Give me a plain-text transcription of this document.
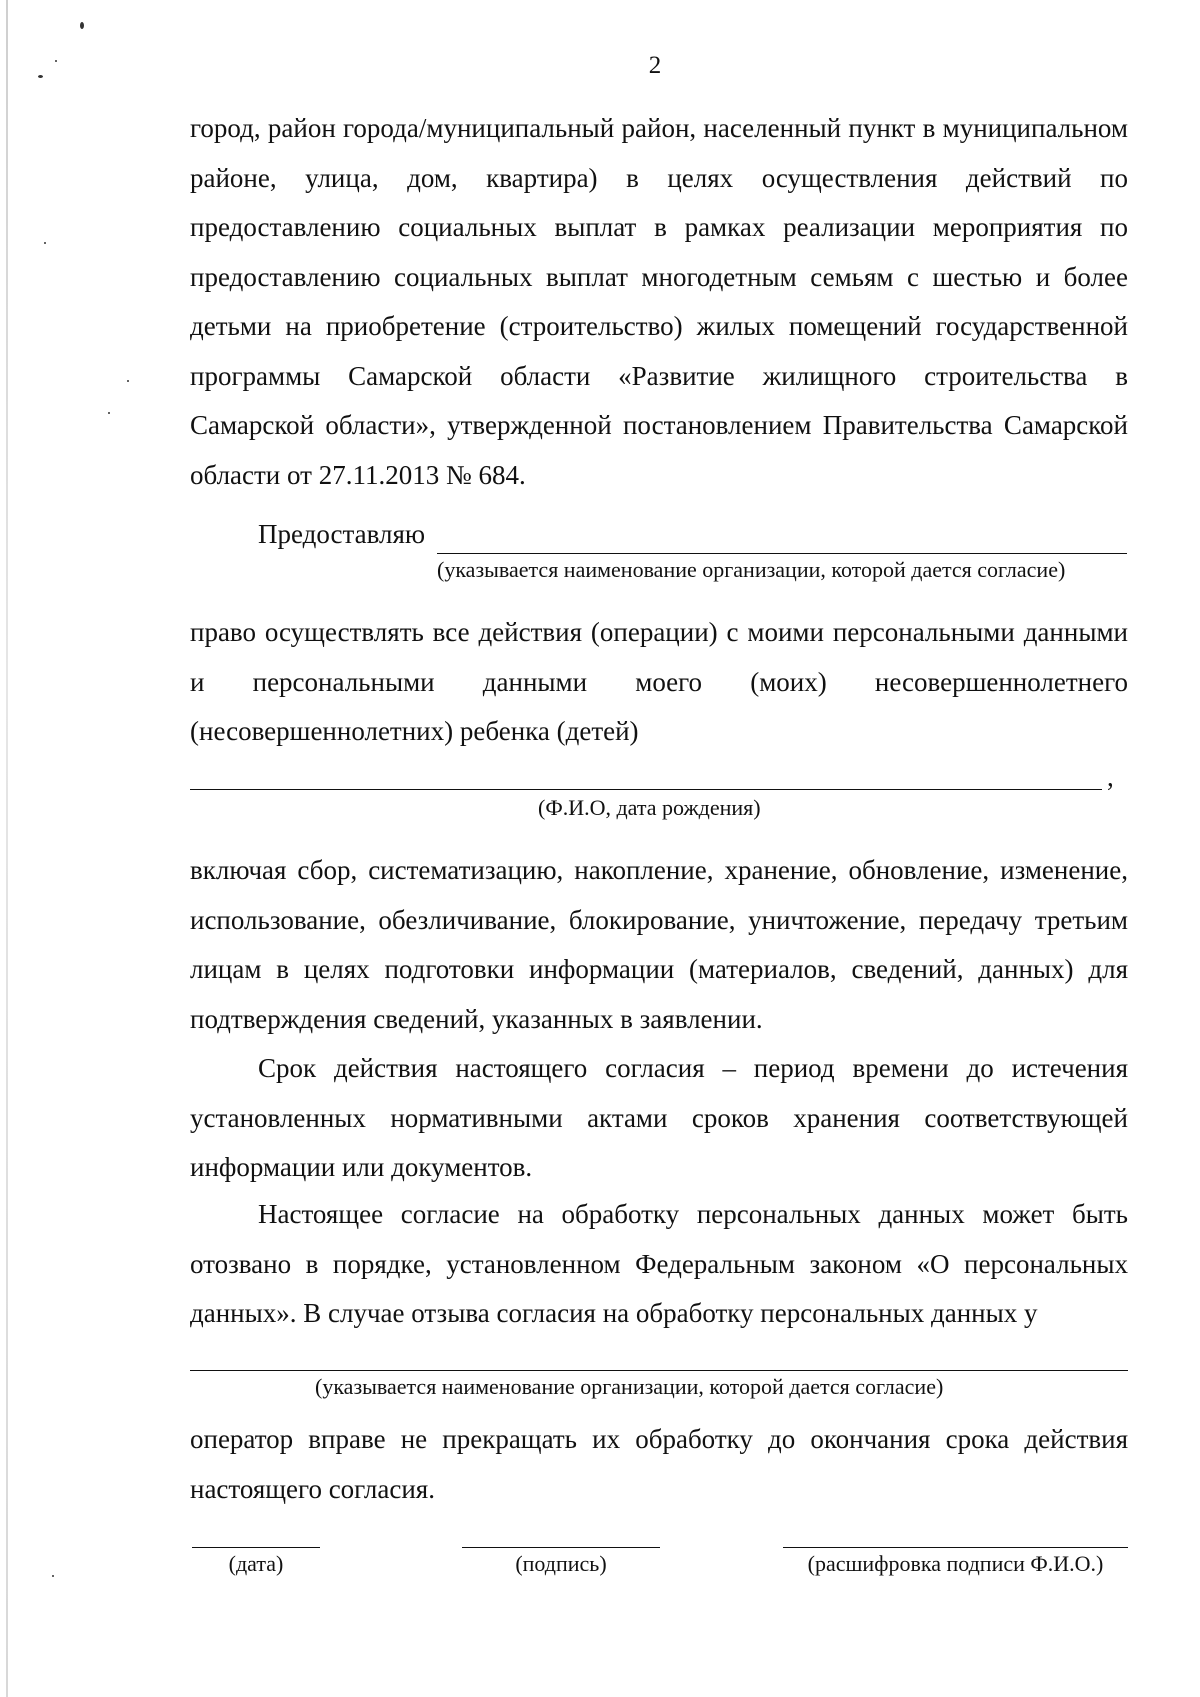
2

город, район города/муниципальный район, населенный пункт в муниципальном районе, улица, дом, квартира) в целях осуществления действий по предоставлению социальных выплат в рамках реализации мероприятия по предоставлению социальных выплат многодетным семьям с шестью и более детьми на приобретение (строительство) жилых помещений государственной программы Самарской области «Развитие жилищного строительства в Самарской области», утвержденной постановлением Правительства Самарской области от 27.11.2013 № 684.

Предоставляю
(указывается наименование организации, которой дается согласие)

право осуществлять все действия (операции) с моими персональными данными и персональными данными моего (моих) несовершеннолетнего (несовершеннолетних) ребенка (детей)

,
(Ф.И.О, дата рождения)

включая сбор, систематизацию, накопление, хранение, обновление, изменение, использование, обезличивание, блокирование, уничтожение, передачу третьим лицам в целях подготовки информации (материалов, сведений, данных) для подтверждения сведений, указанных в заявлении.

Срок действия настоящего согласия – период времени до истечения установленных нормативными актами сроков хранения соответствующей информации или документов.

Настоящее согласие на обработку персональных данных может быть отозвано в порядке, установленном Федеральным законом «О персональных данных». В случае отзыва согласия на обработку персональных данных у

(указывается наименование организации, которой дается согласие)

оператор вправе не прекращать их обработку до окончания срока действия настоящего согласия.

(дата)	(подпись)	(расшифровка подписи Ф.И.О.)
